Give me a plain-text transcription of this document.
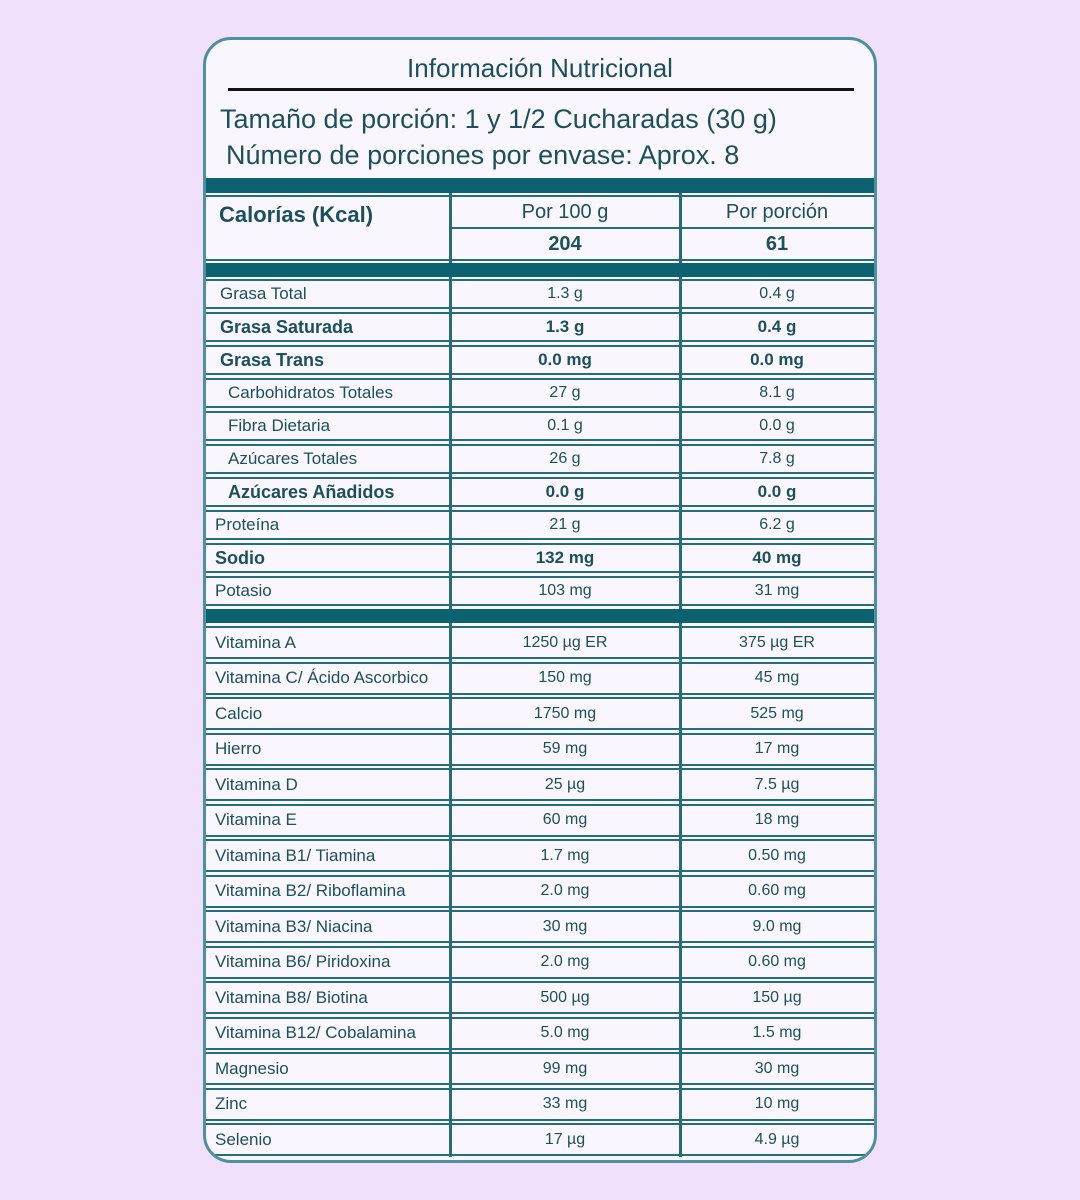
Información Nutricional

Tamaño de porción: 1 y 1/2 Cucharadas (30 g)

Número de porciones por envase: Aprox. 8

Calorías (Kcal)	Por 100 g	Por porción
204	61
Grasa Total	1.3 g	0.4 g
Grasa Saturada	1.3 g	0.4 g
Grasa Trans	0.0 mg	0.0 mg
Carbohidratos Totales	27 g	8.1 g
Fibra Dietaria	0.1 g	0.0 g
Azúcares Totales	26 g	7.8 g
Azúcares Añadidos	0.0 g	0.0 g
Proteína	21 g	6.2 g
Sodio	132 mg	40 mg
Potasio	103 mg	31 mg
Vitamina A	1250 µg ER	375 µg ER
Vitamina C/ Ácido Ascorbico	150 mg	45 mg
Calcio	1750 mg	525 mg
Hierro	59 mg	17 mg
Vitamina D	25 µg	7.5 µg
Vitamina E	60 mg	18 mg
Vitamina B1/ Tiamina	1.7 mg	0.50 mg
Vitamina B2/ Riboflamina	2.0 mg	0.60 mg
Vitamina B3/ Niacina	30 mg	9.0 mg
Vitamina B6/ Piridoxina	2.0 mg	0.60 mg
Vitamina B8/ Biotina	500 µg	150 µg
Vitamina B12/ Cobalamina	5.0 mg	1.5 mg
Magnesio	99 mg	30 mg
Zinc	33 mg	10 mg
Selenio	17 µg	4.9 µg
